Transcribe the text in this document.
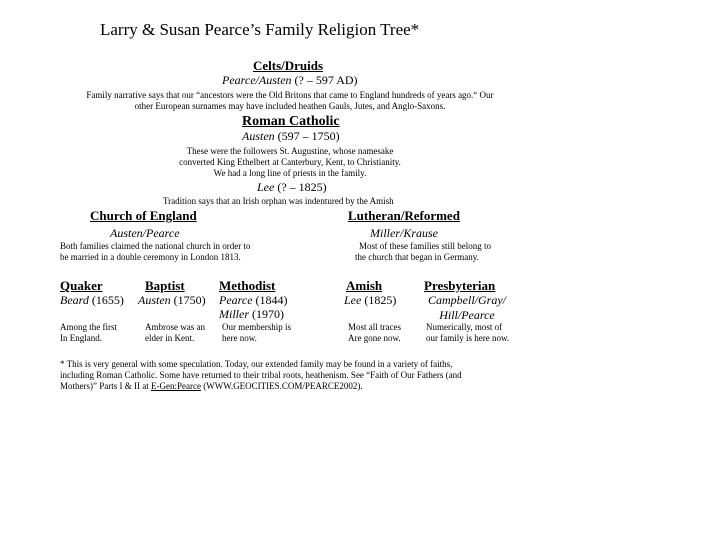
Larry & Susan Pearce’s Family Religion Tree*
Celts/Druids
Pearce/Austen (? – 597 AD)
Family narrative says that our “ancestors were the Old Britons that came to England hundreds of years ago.“ Our
other European surnames may have included heathen Gauls, Jutes, and Anglo-Saxons.
Roman Catholic
Austen (597 – 1750)
These were the followers St. Augustine, whose namesake
converted King Ethelbert at Canterbury, Kent, to Christianity.
We had a long line of priests in the family.
Lee (? – 1825)
Tradition says that an Irish orphan was indentured by the Amish
Church of England
Austen/Pearce
Both families claimed the national church in order to
be married in a double ceremony in London 1813.
Lutheran/Reformed
Miller/Krause
Most of these families still belong to
the church that began in Germany.
Quaker
Beard (1655)
Among the first
In England.
Baptist
Austen (1750)
Ambrose was an
elder in Kent.
Methodist
Pearce (1844)
Miller (1970)
Our membership is
here now.
Amish
Lee (1825)
Most all traces
Are gone now.
Presbyterian
Campbell/Gray/
Hill/Pearce
Numerically, most of
our family is here now.
* This is very general with some speculation. Today, our extended family may be found in a variety of faiths,
including Roman Catholic. Some have returned to their tribal roots, heathenism. See “Faith of Our Fathers (and
Mothers)” Parts I & II at E-Gen:Pearce (WWW.GEOCITIES.COM/PEARCE2002).
